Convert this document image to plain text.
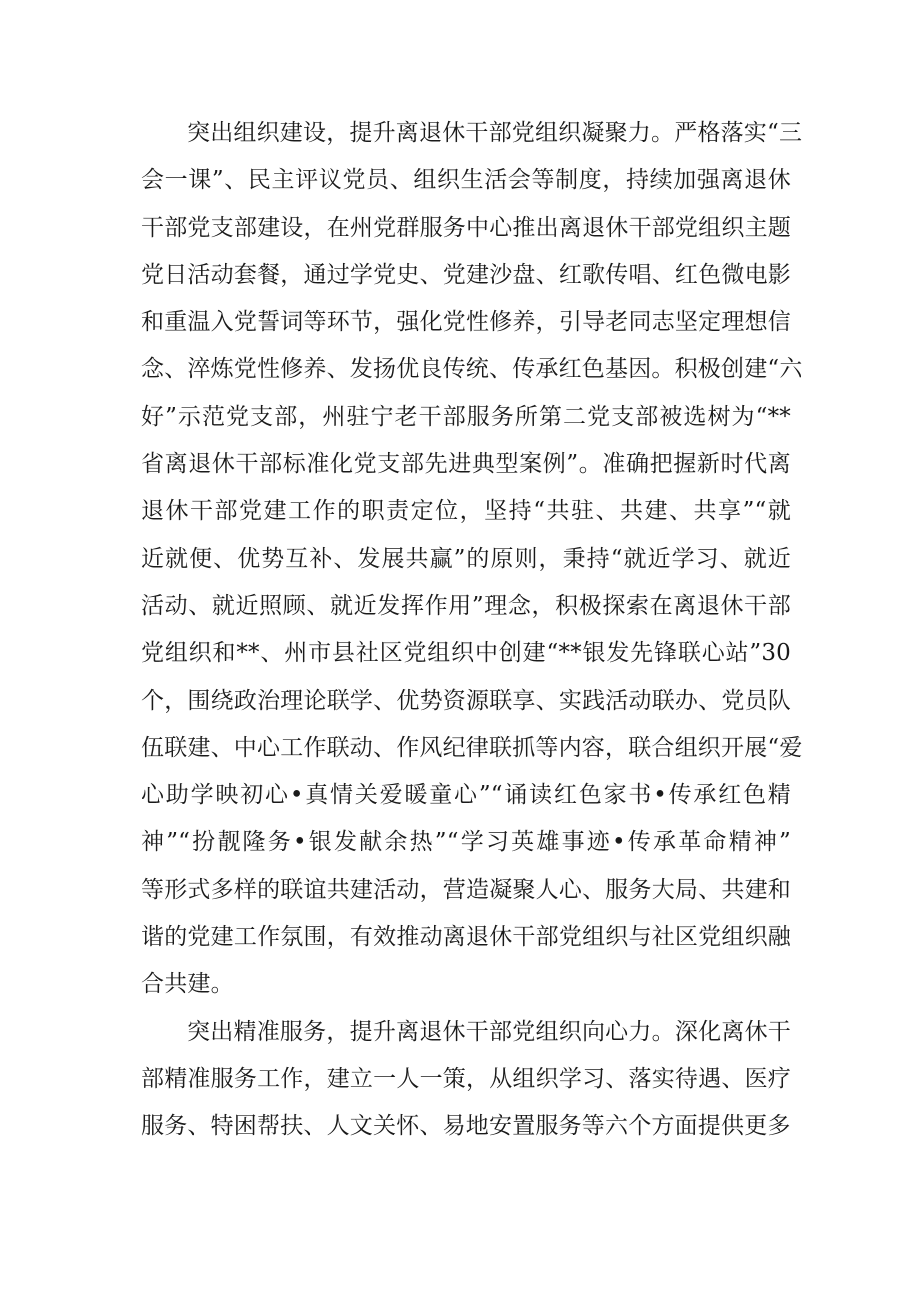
突出组织建设，提升离退休干部党组织凝聚力。严格落实“三
会一课”、民主评议党员、组织生活会等制度，持续加强离退休
干部党支部建设，在州党群服务中心推出离退休干部党组织主题
党日活动套餐，通过学党史、党建沙盘、红歌传唱、红色微电影
和重温入党誓词等环节，强化党性修养，引导老同志坚定理想信
念、淬炼党性修养、发扬优良传统、传承红色基因。积极创建“六
好”示范党支部，州驻宁老干部服务所第二党支部被选树为“**
省离退休干部标准化党支部先进典型案例”。准确把握新时代离
退休干部党建工作的职责定位，坚持“共驻、共建、共享”“就
近就便、优势互补、发展共赢”的原则，秉持“就近学习、就近
活动、就近照顾、就近发挥作用”理念，积极探索在离退休干部
党组织和**、州市县社区党组织中创建“**银发先锋联心站”30
个，围绕政治理论联学、优势资源联享、实践活动联办、党员队
伍联建、中心工作联动、作风纪律联抓等内容，联合组织开展“爱
心助学映初心•真情关爱暖童心”“诵读红色家书•传承红色精
神”“扮靓隆务•银发献余热”“学习英雄事迹•传承革命精神”
等形式多样的联谊共建活动，营造凝聚人心、服务大局、共建和
谐的党建工作氛围，有效推动离退休干部党组织与社区党组织融
合共建。
突出精准服务，提升离退休干部党组织向心力。深化离休干
部精准服务工作，建立一人一策，从组织学习、落实待遇、医疗
服务、特困帮扶、人文关怀、易地安置服务等六个方面提供更多
